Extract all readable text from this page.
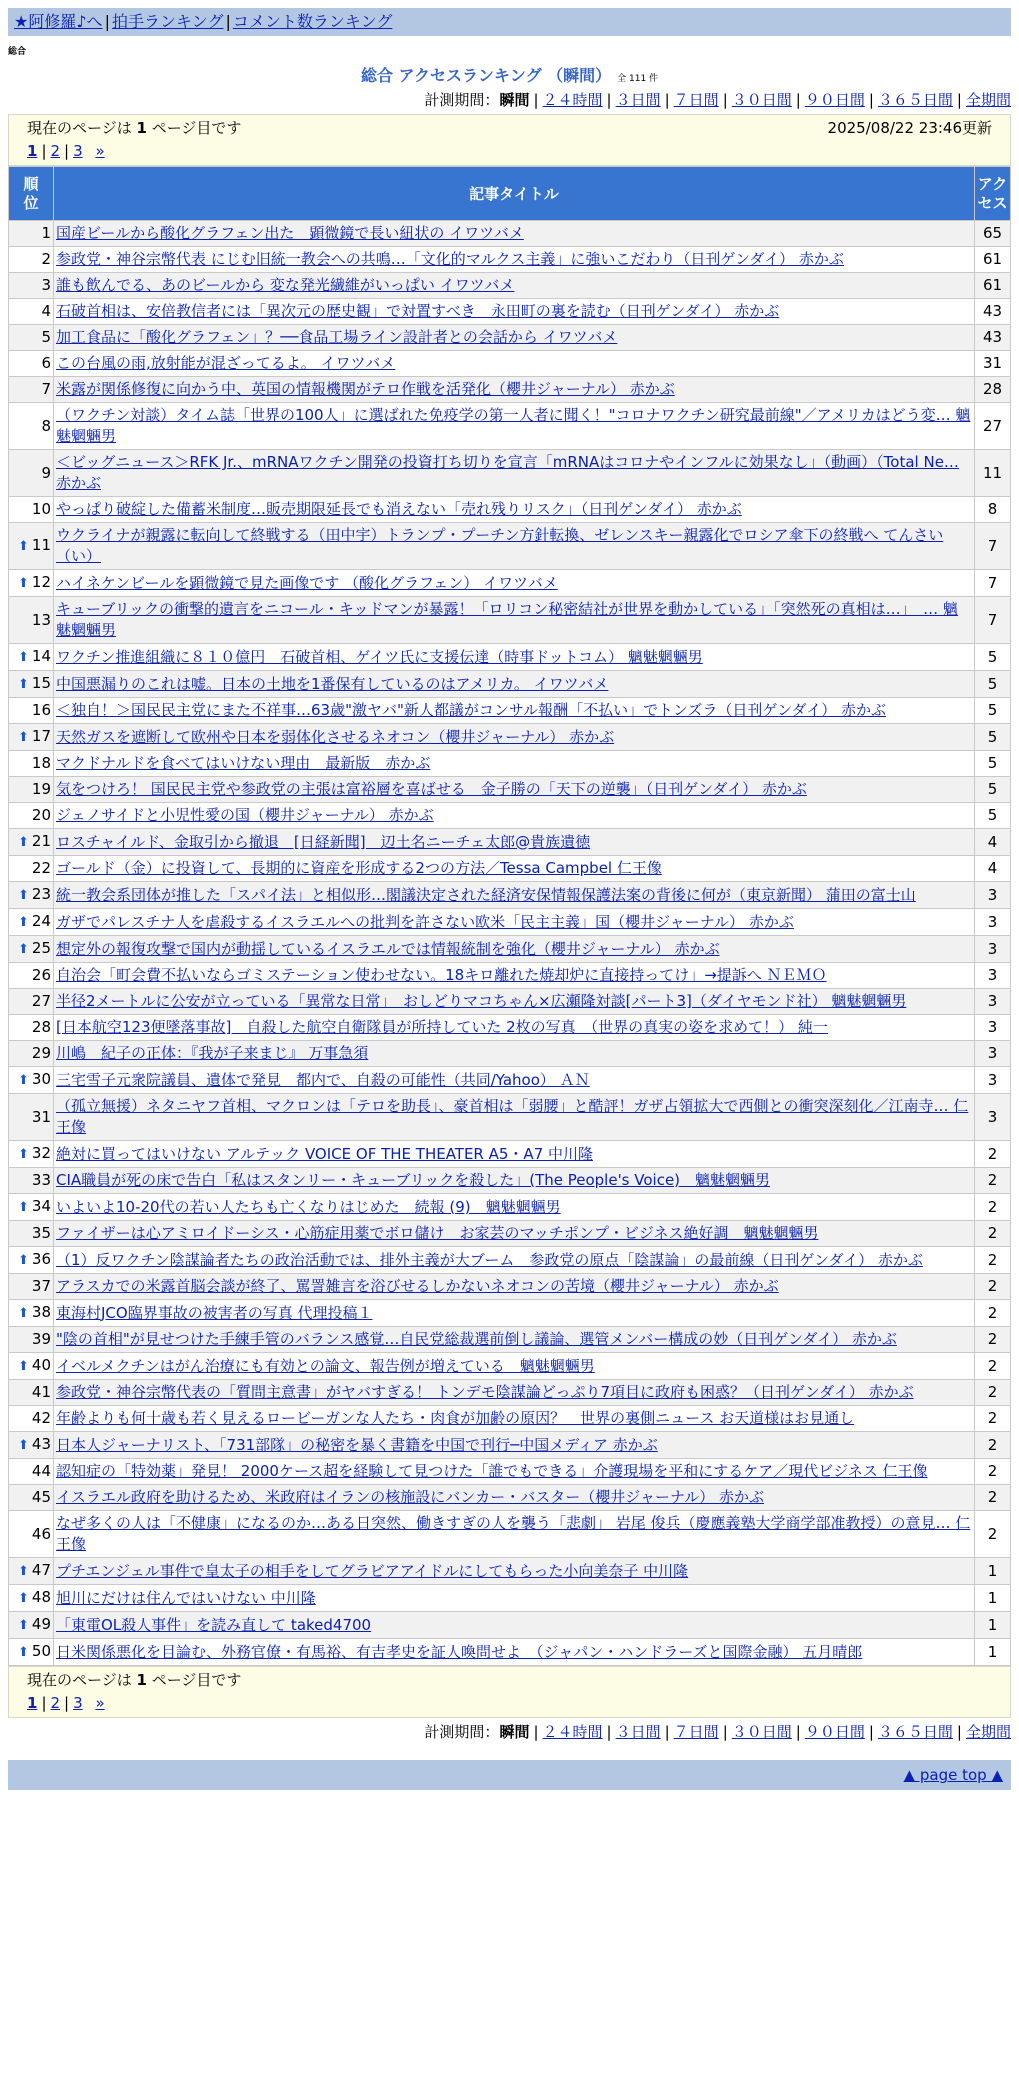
★阿修羅♪へ | 拍手ランキング | コメント数ランキング
総合
総合 アクセスランキング （瞬間） 全 111 件
計測期間：瞬間 | ２４時間 | ３日間 | ７日間 | ３０日間 | ９０日間 | ３６５日間 | 全期間
現在のページは 1 ページ目です	2025/08/22 23:46更新
1 | 2 | 3 »
順位	記事タイトル	アクセス
1	国産ビールから酸化グラフェン出た　顕微鏡で長い紐状の イワツバメ	65
2	参政党・神谷宗幣代表 にじむ旧統一教会への共鳴…「文化的マルクス主義」に強いこだわり（日刊ゲンダイ） 赤かぶ	61
3	誰も飲んでる、あのビールから 変な発光繊維がいっぱい イワツバメ	61
4	石破首相は、安倍教信者には「異次元の歴史観」で対置すべき　永田町の裏を読む（日刊ゲンダイ） 赤かぶ	43
5	加工食品に「酸化グラフェン」？──食品工場ライン設計者との会話から イワツバメ	43
6	この台風の雨,放射能が混ざってるよ。 イワツバメ	31
7	米露が関係修復に向かう中、英国の情報機関がテロ作戦を活発化（櫻井ジャーナル） 赤かぶ	28
8	（ワクチン対談）タイム誌「世界の100人」に選ばれた免疫学の第一人者に聞く！"コロナワクチン研究最前線"／アメリカはどう変… 魑魅魍魎男	27
9	＜ビッグニュース＞RFK Jr.、mRNAワクチン開発の投資打ち切りを宣言「mRNAはコロナやインフルに効果なし」（動画）（Total Ne… 赤かぶ	11
10	やっぱり破綻した備蓄米制度…販売期限延長でも消えない「売れ残りリスク」（日刊ゲンダイ） 赤かぶ	8
⬆ 11	ウクライナが親露に転向して終戦する（田中宇）トランプ・プーチン方針転換、ゼレンスキー親露化でロシア傘下の終戦へ てんさい（い）	7
⬆ 12	ハイネケンビールを顕微鏡で見た画像です （酸化グラフェン） イワツバメ	7
13	キューブリックの衝撃的遺言をニコール・キッドマンが暴露！「ロリコン秘密結社が世界を動かしている」「突然死の真相は…」　… 魑魅魍魎男	7
⬆ 14	ワクチン推進組織に８１０億円　石破首相、ゲイツ氏に支援伝達（時事ドットコム） 魑魅魍魎男	5
⬆ 15	中国悪漏りのこれは嘘。日本の土地を1番保有しているのはアメリカ。 イワツバメ	5
16	＜独自！＞国民民主党にまた不祥事…63歳"激ヤバ"新人都議がコンサル報酬「不払い」でトンズラ（日刊ゲンダイ） 赤かぶ	5
⬆ 17	天然ガスを遮断して欧州や日本を弱体化させるネオコン（櫻井ジャーナル） 赤かぶ	5
18	マクドナルドを食べてはいけない理由　最新版　赤かぶ	5
19	気をつけろ！ 国民民主党や参政党の主張は富裕層を喜ばせる　金子勝の「天下の逆襲」（日刊ゲンダイ） 赤かぶ	5
20	ジェノサイドと小児性愛の国（櫻井ジャーナル） 赤かぶ	5
⬆ 21	ロスチャイルド、金取引から撤退　[日経新聞]　辺土名ニーチェ太郎@貴族遺徳	4
22	ゴールド（金）に投資して、長期的に資産を形成する2つの方法／Tessa Campbel 仁王像	4
⬆ 23	統一教会系団体が推した「スパイ法」と相似形…閣議決定された経済安保情報保護法案の背後に何が（東京新聞） 蒲田の富士山	3
⬆ 24	ガザでパレスチナ人を虐殺するイスラエルへの批判を許さない欧米「民主主義」国（櫻井ジャーナル） 赤かぶ	3
⬆ 25	想定外の報復攻撃で国内が動揺しているイスラエルでは情報統制を強化（櫻井ジャーナル） 赤かぶ	3
26	自治会「町会費不払いならゴミステーション使わせない。18キロ離れた焼却炉に直接持ってけ」→提訴へ ＮＥＭＯ	3
27	半径2メートルに公安が立っている「異常な日常」　おしどりマコちゃん×広瀬隆対談[パート3]（ダイヤモンド社） 魑魅魍魎男	3
28	[日本航空123便墜落事故]　自殺した航空自衛隊員が所持していた 2枚の写真　（世界の真実の姿を求めて！） 純一	3
29	川嶋　紀子の正体：『我が子来まじ』 万事急須	3
⬆ 30	三宅雪子元衆院議員、遺体で発見　都内で、自殺の可能性（共同/Yahoo） ＡＮ	3
31	（孤立無援）ネタニヤフ首相、マクロンは「テロを助長」、豪首相は「弱腰」と酷評！ガザ占領拡大で西側との衝突深刻化／江南寺… 仁王像	3
⬆ 32	絶対に買ってはいけない アルテック VOICE OF THE THEATER A5・A7 中川隆	2
33	CIA職員が死の床で告白「私はスタンリー・キューブリックを殺した」(The People's Voice)　魑魅魍魎男	2
⬆ 34	いよいよ10-20代の若い人たちも亡くなりはじめた　続報 (9)　魑魅魍魎男	2
35	ファイザーは心アミロイドーシス・心筋症用薬でボロ儲け　お家芸のマッチポンプ・ビジネス絶好調　魑魅魍魎男	2
⬆ 36	（1）反ワクチン陰謀論者たちの政治活動では、排外主義が大ブーム　参政党の原点「陰謀論」の最前線（日刊ゲンダイ） 赤かぶ	2
37	アラスカでの米露首脳会談が終了、罵詈雑言を浴びせるしかないネオコンの苦境（櫻井ジャーナル） 赤かぶ	2
⬆ 38	東海村JCO臨界事故の被害者の写真 代理投稿１	2
39	"陰の首相"が見せつけた手練手管のバランス感覚…自民党総裁選前倒し議論、選管メンバー構成の妙（日刊ゲンダイ） 赤かぶ	2
⬆ 40	イベルメクチンはがん治療にも有効との論文、報告例が増えている　魑魅魍魎男	2
41	参政党・神谷宗幣代表の「質問主意書」がヤバすぎる！ トンデモ陰謀論どっぷり7項目に政府も困惑？（日刊ゲンダイ） 赤かぶ	2
42	年齢よりも何十歳も若く見えるロービーガンな人たち・肉食が加齢の原因？　世界の裏側ニュース お天道様はお見通し	2
⬆ 43	日本人ジャーナリスト、「731部隊」の秘密を暴く書籍を中国で刊行─中国メディア 赤かぶ	2
44	認知症の「特効薬」発見！ 2000ケース超を経験して見つけた「誰でもできる」介護現場を平和にするケア／現代ビジネス 仁王像	2
45	イスラエル政府を助けるため、米政府はイランの核施設にバンカー・バスター（櫻井ジャーナル） 赤かぶ	2
46	なぜ多くの人は「不健康」になるのか…ある日突然、働きすぎの人を襲う「悲劇」 岩尾 俊兵（慶應義塾大学商学部准教授）の意見… 仁王像	2
⬆ 47	プチエンジェル事件で皇太子の相手をしてグラビアアイドルにしてもらった小向美奈子 中川隆	1
⬆ 48	旭川にだけは住んではいけない 中川隆	1
⬆ 49	「東電OL殺人事件」を読み直して taked4700	1
⬆ 50	日米関係悪化を目論む、外務官僚・有馬裕、有吉孝史を証人喚問せよ　（ジャパン・ハンドラーズと国際金融） 五月晴郎	1
現在のページは 1 ページ目です
1 | 2 | 3 »
計測期間：瞬間 | ２４時間 | ３日間 | ７日間 | ３０日間 | ９０日間 | ３６５日間 | 全期間
▲ page top ▲
